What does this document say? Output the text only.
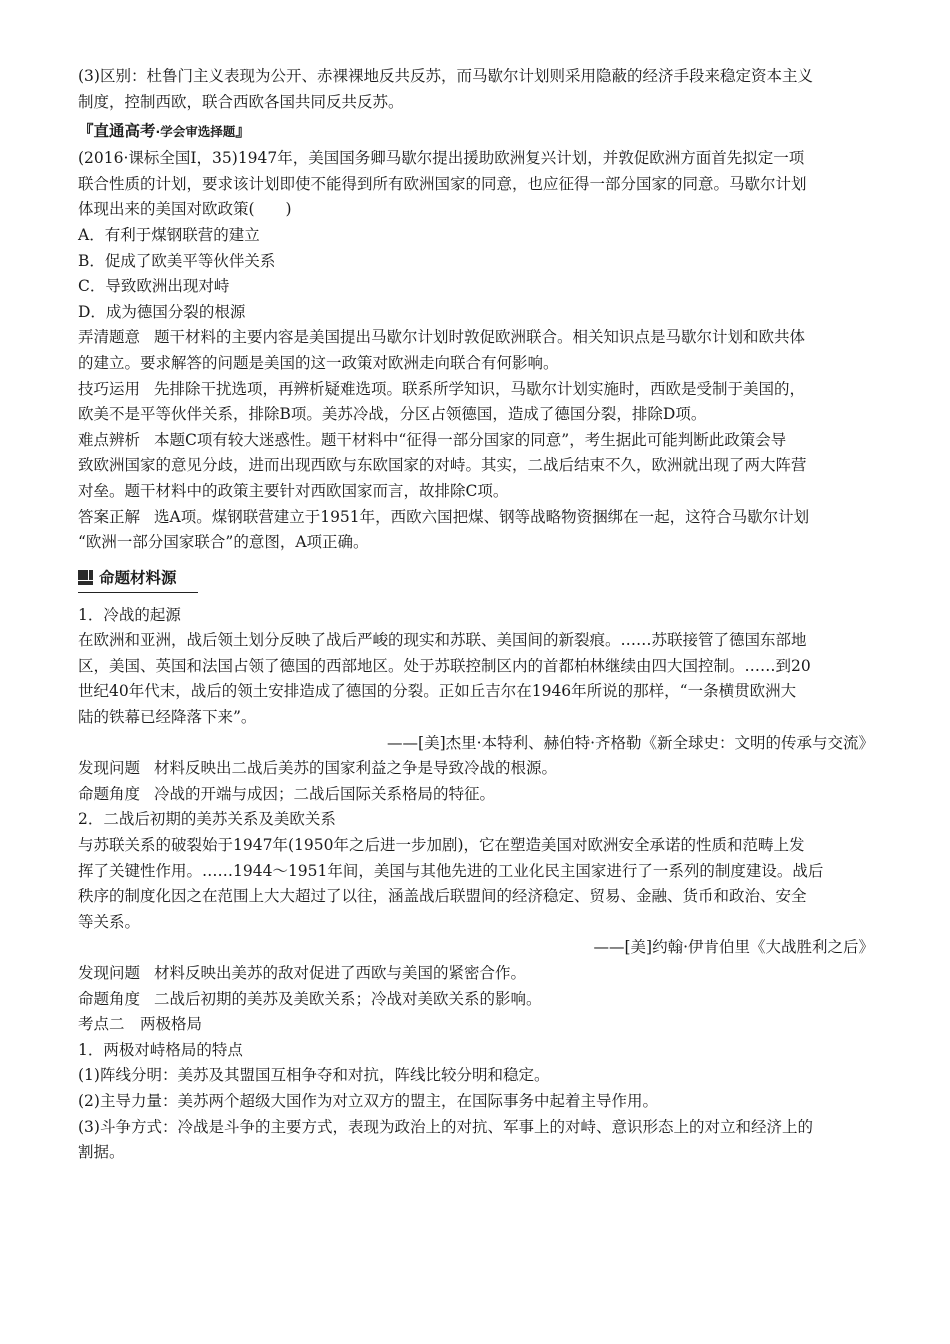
(3)区别：杜鲁门主义表现为公开、赤裸裸地反共反苏，而马歇尔计划则采用隐蔽的经济手段来稳定资本主义

制度，控制西欧，联合西欧各国共同反共反苏。

『直通高考·学会审选择题』

(2016·课标全国Ⅰ，35)1947年，美国国务卿马歇尔提出援助欧洲复兴计划，并敦促欧洲方面首先拟定一项

联合性质的计划，要求该计划即使不能得到所有欧洲国家的同意，也应征得一部分国家的同意。马歇尔计划

体现出来的美国对欧政策(　　)

A．有利于煤钢联营的建立

B．促成了欧美平等伙伴关系

C．导致欧洲出现对峙

D．成为德国分裂的根源

弄清题意 题干材料的主要内容是美国提出马歇尔计划时敦促欧洲联合。相关知识点是马歇尔计划和欧共体

的建立。要求解答的问题是美国的这一政策对欧洲走向联合有何影响。

技巧运用 先排除干扰选项，再辨析疑难选项。联系所学知识，马歇尔计划实施时，西欧是受制于美国的，

欧美不是平等伙伴关系，排除B项。美苏冷战，分区占领德国，造成了德国分裂，排除D项。

难点辨析 本题C项有较大迷惑性。题干材料中“征得一部分国家的同意”，考生据此可能判断此政策会导

致欧洲国家的意见分歧，进而出现西欧与东欧国家的对峙。其实，二战后结束不久，欧洲就出现了两大阵营

对垒。题干材料中的政策主要针对西欧国家而言，故排除C项。

答案正解 选A项。煤钢联营建立于1951年，西欧六国把煤、钢等战略物资捆绑在一起，这符合马歇尔计划

“欧洲一部分国家联合”的意图，A项正确。

命题材料源

1．冷战的起源

在欧洲和亚洲，战后领土划分反映了战后严峻的现实和苏联、美国间的新裂痕。……苏联接管了德国东部地

区，美国、英国和法国占领了德国的西部地区。处于苏联控制区内的首都柏林继续由四大国控制。……到20

世纪40年代末，战后的领土安排造成了德国的分裂。正如丘吉尔在1946年所说的那样，“一条横贯欧洲大

陆的铁幕已经降落下来”。

——[美]杰里·本特利、赫伯特·齐格勒《新全球史：文明的传承与交流》

发现问题 材料反映出二战后美苏的国家利益之争是导致冷战的根源。

命题角度 冷战的开端与成因；二战后国际关系格局的特征。

2．二战后初期的美苏关系及美欧关系

与苏联关系的破裂始于1947年(1950年之后进一步加剧)，它在塑造美国对欧洲安全承诺的性质和范畴上发

挥了关键性作用。……1944～1951年间，美国与其他先进的工业化民主国家进行了一系列的制度建设。战后

秩序的制度化因之在范围上大大超过了以往，涵盖战后联盟间的经济稳定、贸易、金融、货币和政治、安全

等关系。

——[美]约翰·伊肯伯里《大战胜利之后》

发现问题 材料反映出美苏的敌对促进了西欧与美国的紧密合作。

命题角度 二战后初期的美苏及美欧关系；冷战对美欧关系的影响。

考点二　两极格局

1．两极对峙格局的特点

(1)阵线分明：美苏及其盟国互相争夺和对抗，阵线比较分明和稳定。

(2)主导力量：美苏两个超级大国作为对立双方的盟主，在国际事务中起着主导作用。

(3)斗争方式：冷战是斗争的主要方式，表现为政治上的对抗、军事上的对峙、意识形态上的对立和经济上的

割据。
